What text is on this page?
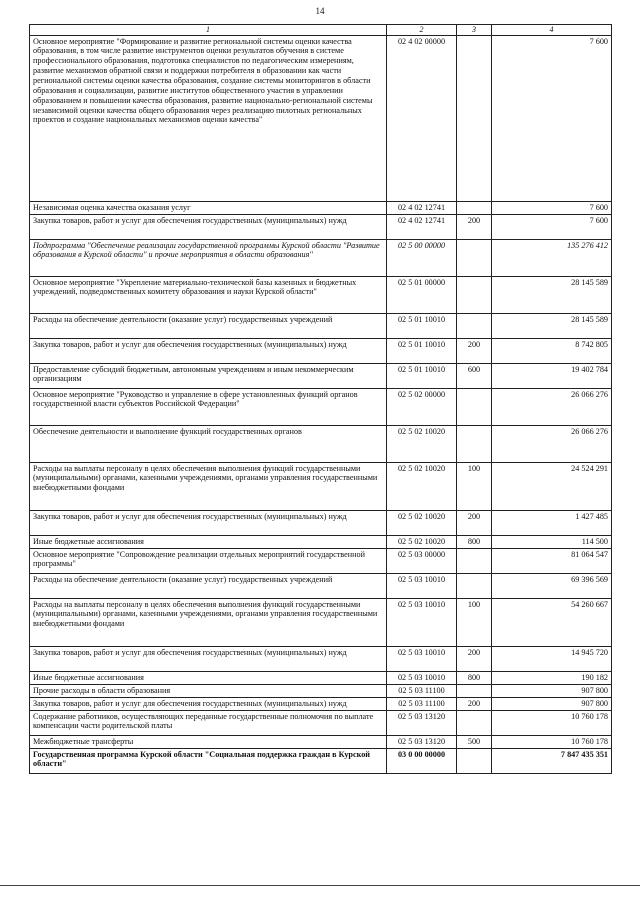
14
1	2	3	4
Основное мероприятие "Формирование и развитие региональной системы оценки качества образования, в том числе развитие инструментов оценки результатов обучения в системе профессионального образования, подготовка специалистов по педагогическим измерениям, развитие механизмов обратной связи и поддержки потребителя в образовании как части региональной системы оценки качества образования, создание системы мониторингов в области образования и социализации, развитие институтов общественного участия в управлении образованием и повышении качества образования, развитие национально-региональной системы независимой оценки качества общего образования через реализацию пилотных региональных проектов и создание национальных механизмов оценки качества"	02 4 02 00000		7 600
Независимая оценка качества оказания услуг	02 4 02 12741		7 600
Закупка товаров, работ и услуг для обеспечения государственных (муниципальных) нужд	02 4 02 12741	200	7 600
Подпрограмма "Обеспечение реализации государственной программы Курской области "Развитие образования в Курской области" и прочие мероприятия в области образования"	02 5 00 00000		135 276 412
Основное мероприятие "Укрепление материально-технической базы казенных и бюджетных учреждений, подведомственных комитету образования и науки Курской области"	02 5 01 00000		28 145 589
Расходы на обеспечение деятельности (оказание услуг) государственных учреждений	02 5 01 10010		28 145 589
Закупка товаров, работ и услуг для обеспечения государственных (муниципальных) нужд	02 5 01 10010	200	8 742 805
Предоставление субсидий бюджетным, автономным учреждениям и иным некоммерческим организациям	02 5 01 10010	600	19 402 784
Основное мероприятие "Руководство и управление в сфере установленных функций органов государственной власти субъектов Российской Федерации"	02 5 02 00000		26 066 276
Обеспечение деятельности и выполнение функций государственных органов	02 5 02 10020		26 066 276
Расходы на выплаты персоналу в целях обеспечения выполнения функций государственными (муниципальными) органами, казенными учреждениями, органами управления государственными внебюджетными фондами	02 5 02 10020	100	24 524 291
Закупка товаров, работ и услуг для обеспечения государственных (муниципальных) нужд	02 5 02 10020	200	1 427 485
Иные бюджетные ассигнования	02 5 02 10020	800	114 500
Основное мероприятие "Сопровождение реализации отдельных мероприятий государственной программы"	02 5 03 00000		81 064 547
Расходы на обеспечение деятельности (оказание услуг) государственных учреждений	02 5 03 10010		69 396 569
Расходы на выплаты персоналу в целях обеспечения выполнения функций государственными (муниципальными) органами, казенными учреждениями, органами управления государственными внебюджетными фондами	02 5 03 10010	100	54 260 667
Закупка товаров, работ и услуг для обеспечения государственных (муниципальных) нужд	02 5 03 10010	200	14 945 720
Иные бюджетные ассигнования	02 5 03 10010	800	190 182
Прочие расходы в области образования	02 5 03 11100		907 800
Закупка товаров, работ и услуг для обеспечения государственных (муниципальных) нужд	02 5 03 11100	200	907 800
Содержание работников, осуществляющих переданные государственные полномочия по выплате компенсации части родительской платы	02 5 03 13120		10 760 178
Межбюджетные трансферты	02 5 03 13120	500	10 760 178
Государственная программа Курской области "Социальная поддержка граждан в Курской области"	03 0 00 00000		7 847 435 351
